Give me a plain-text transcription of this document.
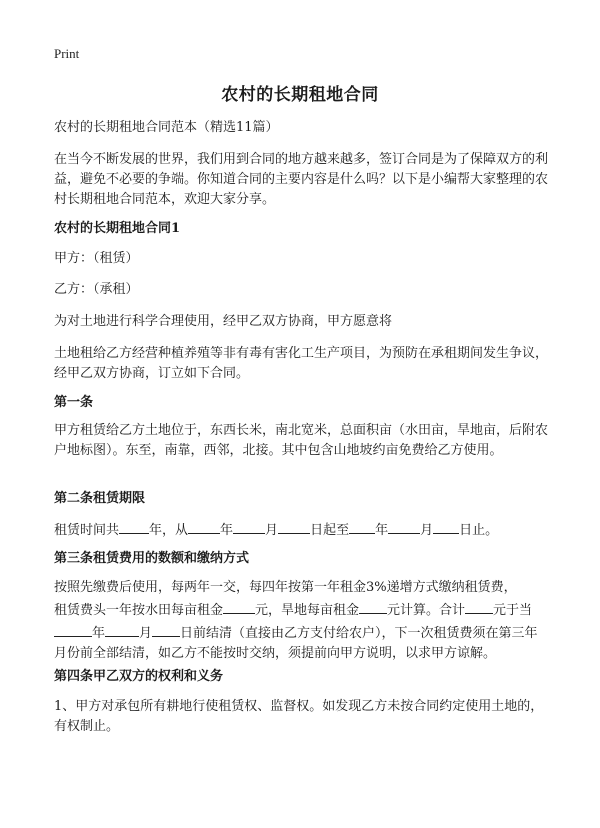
Print
农村的长期租地合同

农村的长期租地合同范本（精选11篇）

在当今不断发展的世界，我们用到合同的地方越来越多，签订合同是为了保障双方的利益，避免不必要的争端。你知道合同的主要内容是什么吗？以下是小编帮大家整理的农村长期租地合同范本，欢迎大家分享。

农村的长期租地合同1

甲方：（租赁）

乙方：（承租）

为对土地进行科学合理使用，经甲乙双方协商，甲方愿意将

土地租给乙方经营种植养殖等非有毒有害化工生产项目，为预防在承租期间发生争议，经甲乙双方协商，订立如下合同。

第一条

甲方租赁给乙方土地位于，东西长米，南北宽米，总面积亩（水田亩，旱地亩，后附农户地标图）。东至，南靠，西邻，北接。其中包含山地坡约亩免费给乙方使用。

第二条租赁期限

租赁时间共 年，从 年 月 日起至 年 月 日止。

第三条租赁费用的数额和缴纳方式

按照先缴费后使用，每两年一交，每四年按第一年租金3%递增方式缴纳租赁费，
租赁费头一年按水田每亩租金 元，旱地每亩租金 元计算。合计 元于当
年	月 日前结清（直接由乙方支付给农户），下一次租赁费须在第三年
月份前全部结清，如乙方不能按时交纳，须提前向甲方说明，以求甲方谅解。

第四条甲乙双方的权利和义务

1、甲方对承包所有耕地行使租赁权、监督权。如发现乙方未按合同约定使用土地的，有权制止。
